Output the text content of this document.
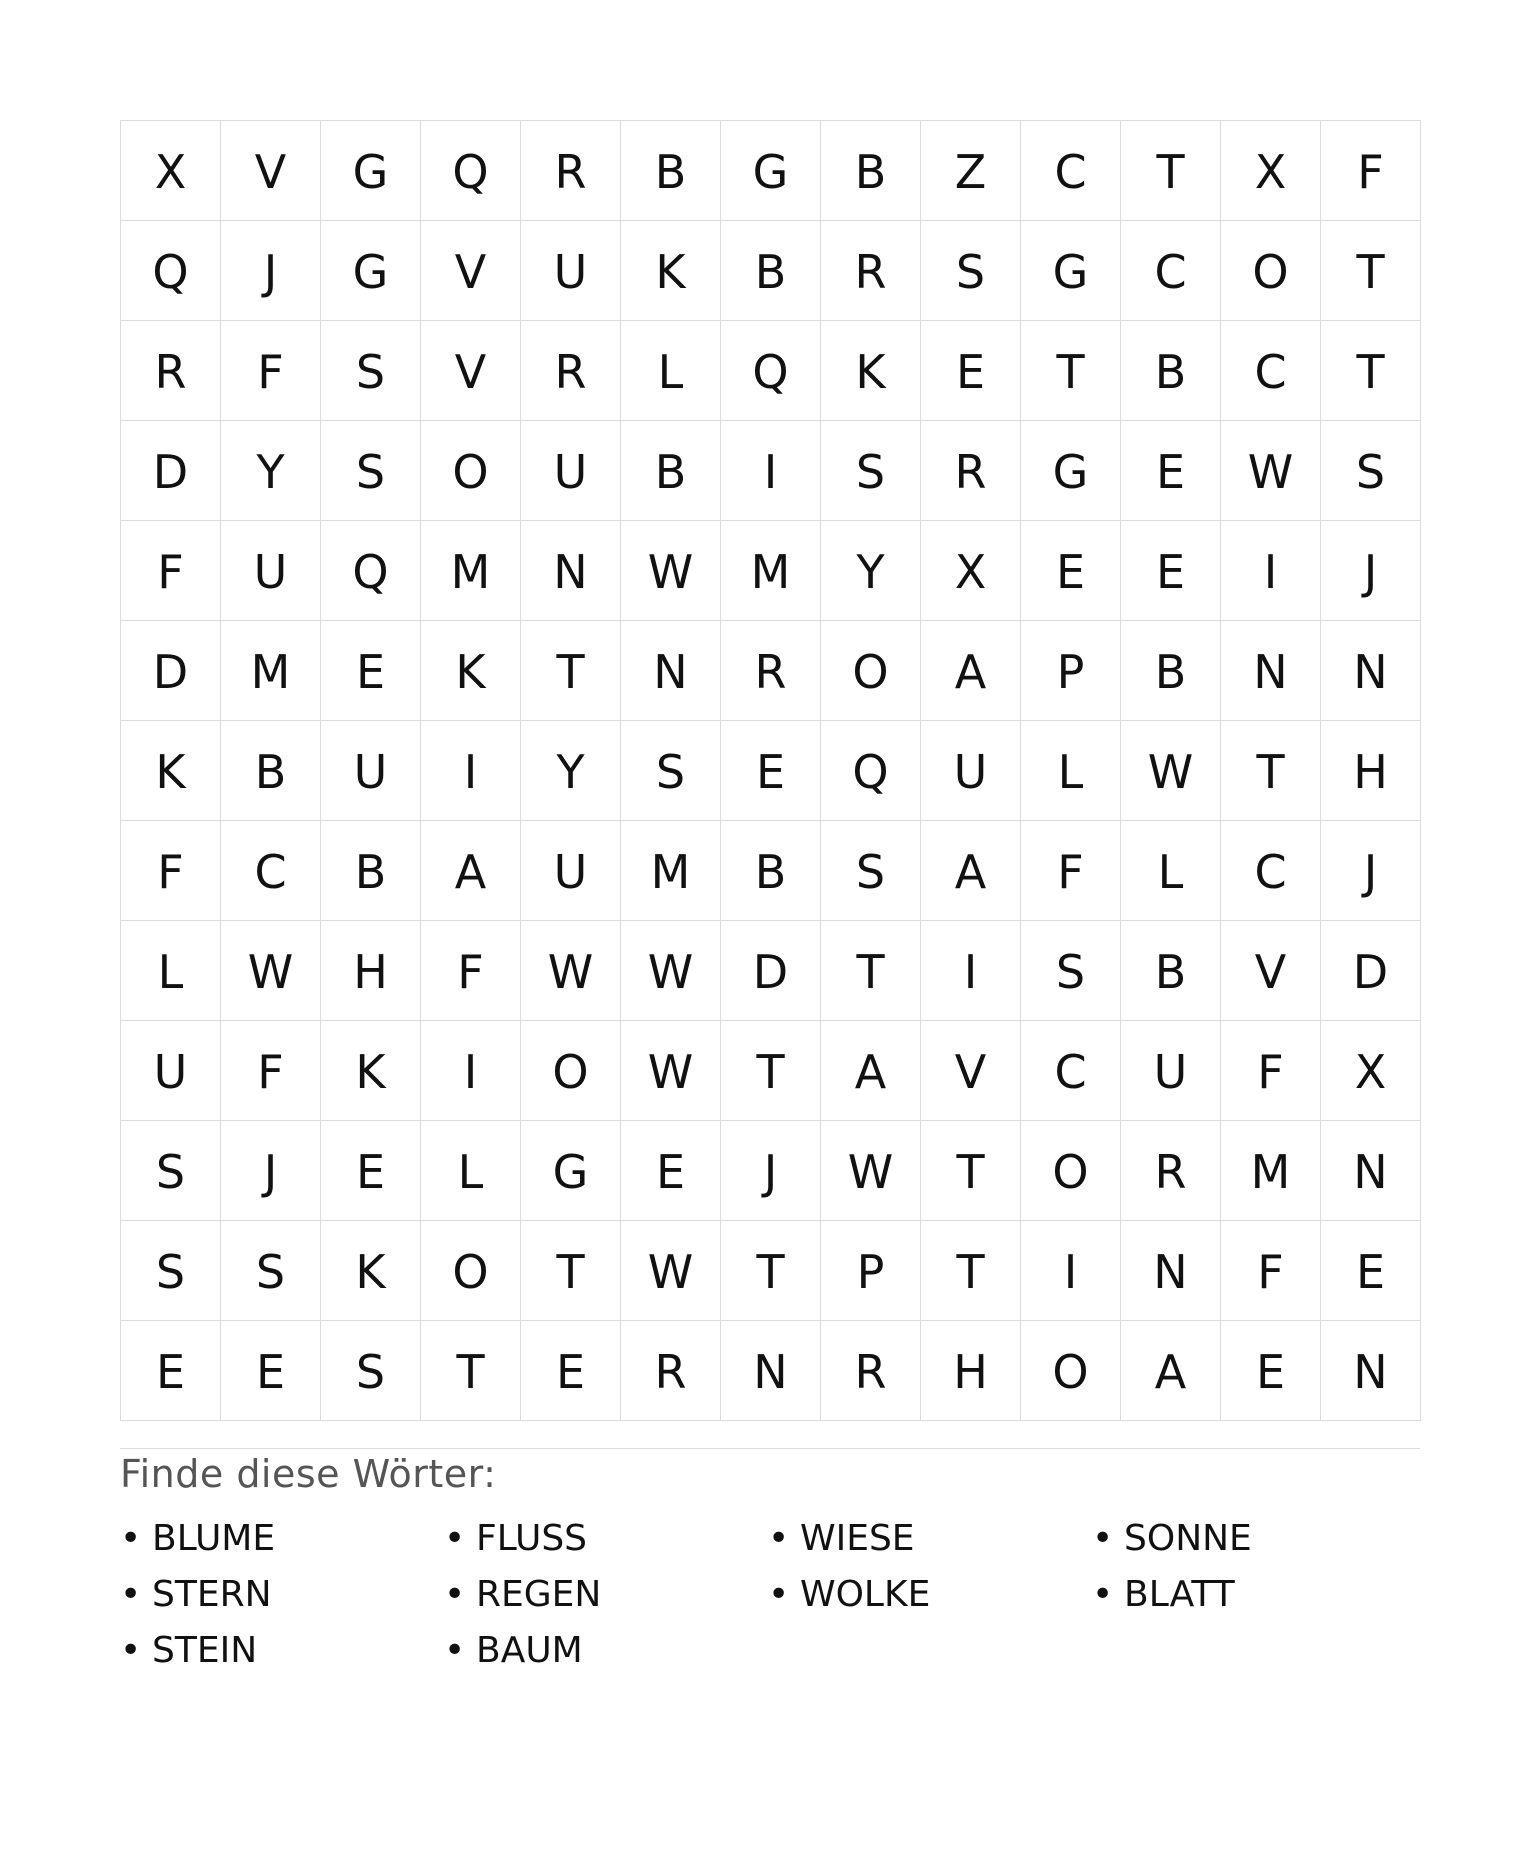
X	V	G	Q	R	B	G	B	Z	C	T	X	F
Q	J	G	V	U	K	B	R	S	G	C	O	T
R	F	S	V	R	L	Q	K	E	T	B	C	T
D	Y	S	O	U	B	I	S	R	G	E	W	S
F	U	Q	M	N	W	M	Y	X	E	E	I	J
D	M	E	K	T	N	R	O	A	P	B	N	N
K	B	U	I	Y	S	E	Q	U	L	W	T	H
F	C	B	A	U	M	B	S	A	F	L	C	J
L	W	H	F	W	W	D	T	I	S	B	V	D
U	F	K	I	O	W	T	A	V	C	U	F	X
S	J	E	L	G	E	J	W	T	O	R	M	N
S	S	K	O	T	W	T	P	T	I	N	F	E
E	E	S	T	E	R	N	R	H	O	A	E	N
Finde diese Wörter:
• BLUME	• FLUSS	• WIESE	• SONNE
• STERN	• REGEN	• WOLKE	• BLATT
• STEIN	• BAUM
